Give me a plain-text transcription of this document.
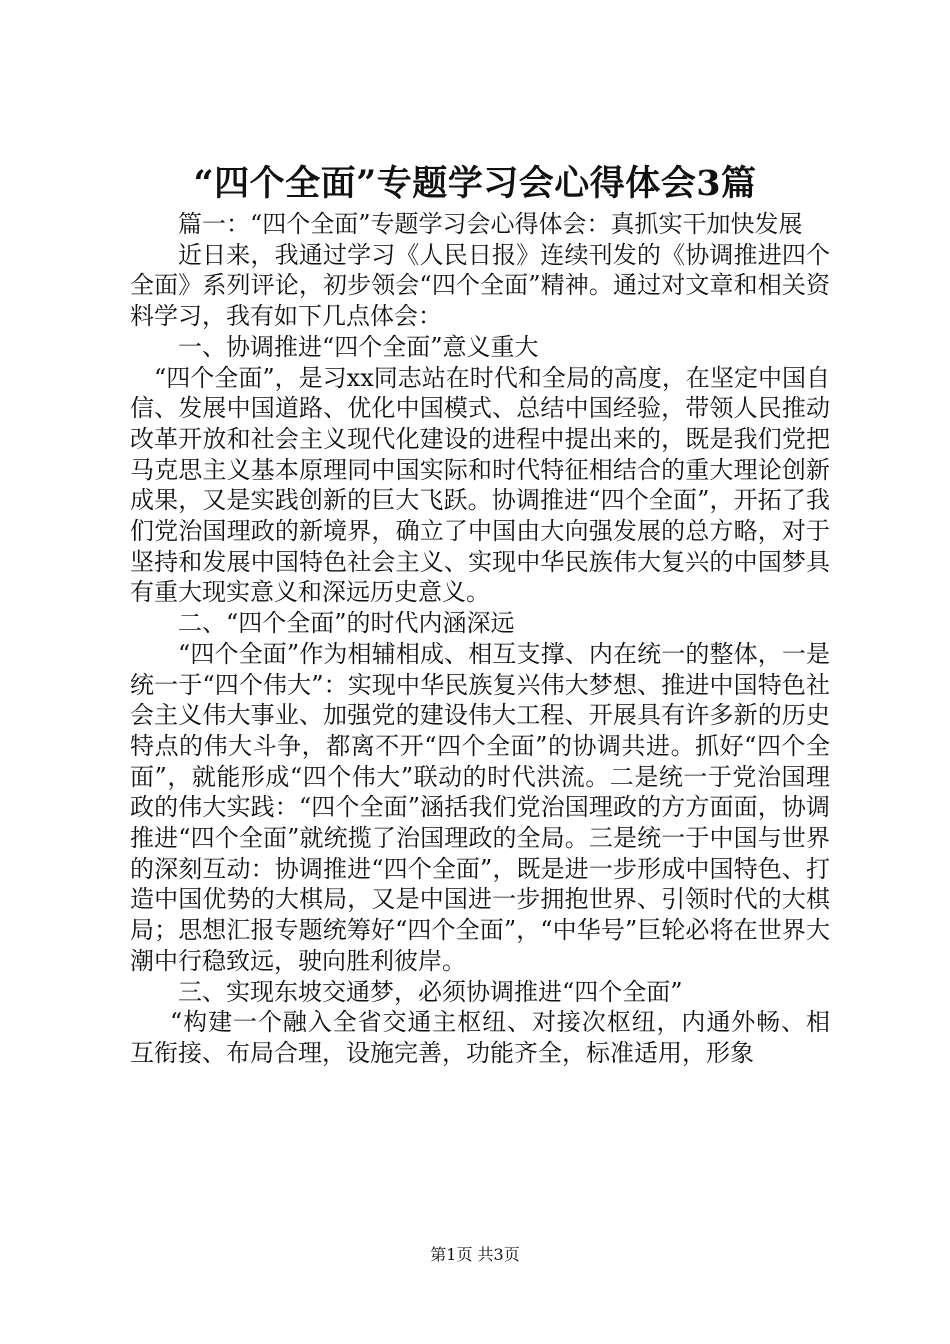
“四个全面”专题学习会心得体会3篇

篇一：“四个全面”专题学习会心得体会：真抓实干加快发展

近日来，我通过学习《人民日报》连续刊发的《协调推进四个全面》系列评论，初步领会“四个全面”精神。通过对文章和相关资料学习，我有如下几点体会：

一、协调推进“四个全面”意义重大

“四个全面”，是习xx同志站在时代和全局的高度，在坚定中国自信、发展中国道路、优化中国模式、总结中国经验，带领人民推动改革开放和社会主义现代化建设的进程中提出来的，既是我们党把马克思主义基本原理同中国实际和时代特征相结合的重大理论创新成果，又是实践创新的巨大飞跃。协调推进“四个全面”，开拓了我们党治国理政的新境界，确立了中国由大向强发展的总方略，对于坚持和发展中国特色社会主义、实现中华民族伟大复兴的中国梦具有重大现实意义和深远历史意义。

二、“四个全面”的时代内涵深远

“四个全面”作为相辅相成、相互支撑、内在统一的整体，一是统一于“四个伟大”：实现中华民族复兴伟大梦想、推进中国特色社会主义伟大事业、加强党的建设伟大工程、开展具有许多新的历史特点的伟大斗争，都离不开“四个全面”的协调共进。抓好“四个全面”，就能形成“四个伟大”联动的时代洪流。二是统一于党治国理政的伟大实践：“四个全面”涵括我们党治国理政的方方面面，协调推进“四个全面”就统揽了治国理政的全局。三是统一于中国与世界的深刻互动：协调推进“四个全面”，既是进一步形成中国特色、打造中国优势的大棋局，又是中国进一步拥抱世界、引领时代的大棋局；思想汇报专题统筹好“四个全面”，“中华号”巨轮必将在世界大潮中行稳致远，驶向胜利彼岸。

三、实现东坡交通梦，必须协调推进“四个全面”

“构建一个融入全省交通主枢纽、对接次枢纽，内通外畅、相互衔接、布局合理，设施完善，功能齐全，标准适用，形象

第1页 共3页
